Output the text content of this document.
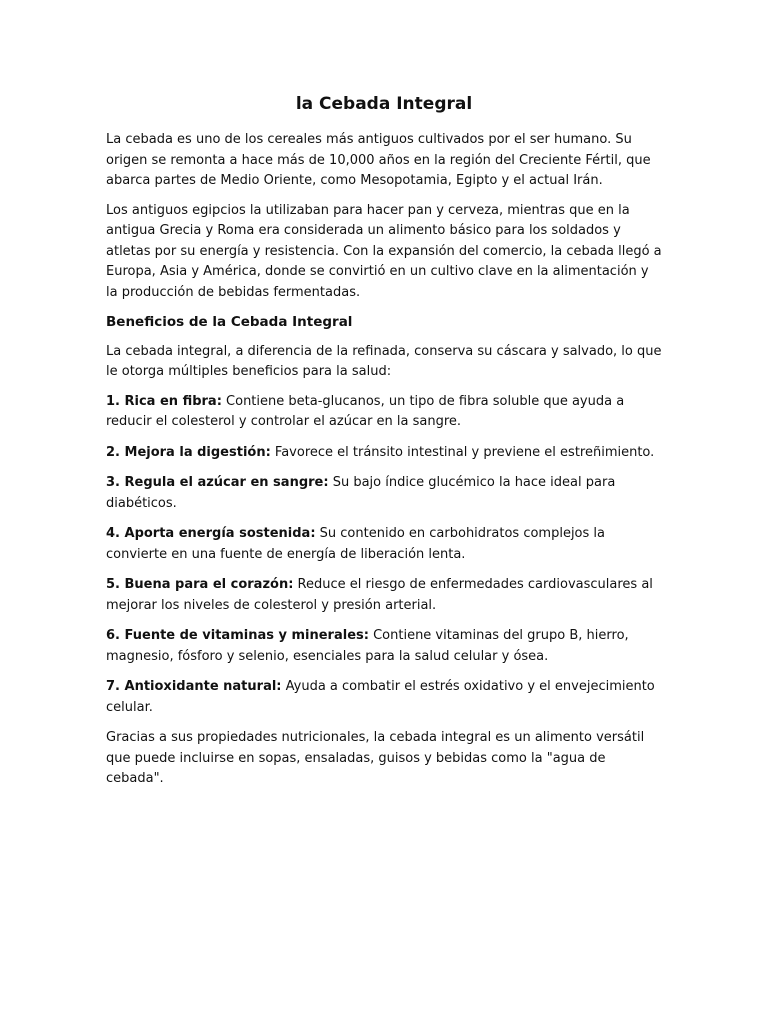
la Cebada Integral

La cebada es uno de los cereales más antiguos cultivados por el ser humano. Su origen se remonta a hace más de 10,000 años en la región del Creciente Fértil, que abarca partes de Medio Oriente, como Mesopotamia, Egipto y el actual Irán.

Los antiguos egipcios la utilizaban para hacer pan y cerveza, mientras que en la antigua Grecia y Roma era considerada un alimento básico para los soldados y atletas por su energía y resistencia. Con la expansión del comercio, la cebada llegó a Europa, Asia y América, donde se convirtió en un cultivo clave en la alimentación y la producción de bebidas fermentadas.

Beneficios de la Cebada Integral

La cebada integral, a diferencia de la refinada, conserva su cáscara y salvado, lo que le otorga múltiples beneficios para la salud:

1. Rica en fibra: Contiene beta-glucanos, un tipo de fibra soluble que ayuda a reducir el colesterol y controlar el azúcar en la sangre.

2. Mejora la digestión: Favorece el tránsito intestinal y previene el estreñimiento.

3. Regula el azúcar en sangre: Su bajo índice glucémico la hace ideal para diabéticos.

4. Aporta energía sostenida: Su contenido en carbohidratos complejos la convierte en una fuente de energía de liberación lenta.

5. Buena para el corazón: Reduce el riesgo de enfermedades cardiovasculares al mejorar los niveles de colesterol y presión arterial.

6. Fuente de vitaminas y minerales: Contiene vitaminas del grupo B, hierro, magnesio, fósforo y selenio, esenciales para la salud celular y ósea.

7. Antioxidante natural: Ayuda a combatir el estrés oxidativo y el envejecimiento celular.

Gracias a sus propiedades nutricionales, la cebada integral es un alimento versátil que puede incluirse en sopas, ensaladas, guisos y bebidas como la "agua de cebada".
